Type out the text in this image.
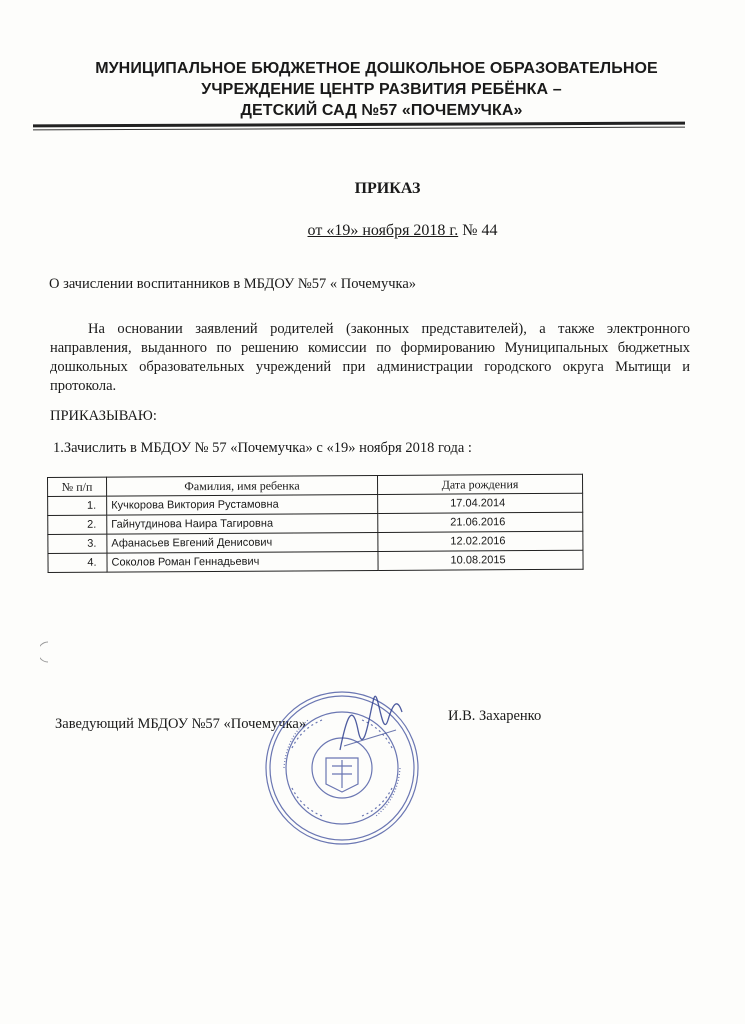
МУНИЦИПАЛЬНОЕ БЮДЖЕТНОЕ ДОШКОЛЬНОЕ ОБРАЗОВАТЕЛЬНОЕ
УЧРЕЖДЕНИЕ ЦЕНТР РАЗВИТИЯ РЕБЁНКА –
ДЕТСКИЙ САД №57 «ПОЧЕМУЧКА»
ПРИКАЗ
от «19» ноября 2018 г. № 44
О зачислении воспитанников в МБДОУ №57 « Почемучка»
На основании заявлений родителей (законных представителей), а также электронного направления, выданного по решению комиссии по формированию Муниципальных бюджетных дошкольных образовательных учреждений при администрации городского округа Мытищи и протокола.
ПРИКАЗЫВАЮ:
1.Зачислить в МБДОУ № 57 «Почемучка» с «19» ноября 2018 года :
№ п/п	Фамилия, имя ребенка	Дата рождения
1.	Кучкорова Виктория Рустамовна	17.04.2014
2.	Гайнутдинова Наира Тагировна	21.06.2016
3.	Афанасьев Евгений Денисович	12.02.2016
4.	Соколов Роман Геннадьевич	10.08.2015
Заведующий МБДОУ №57 «Почемучка»	И.В. Захаренко
